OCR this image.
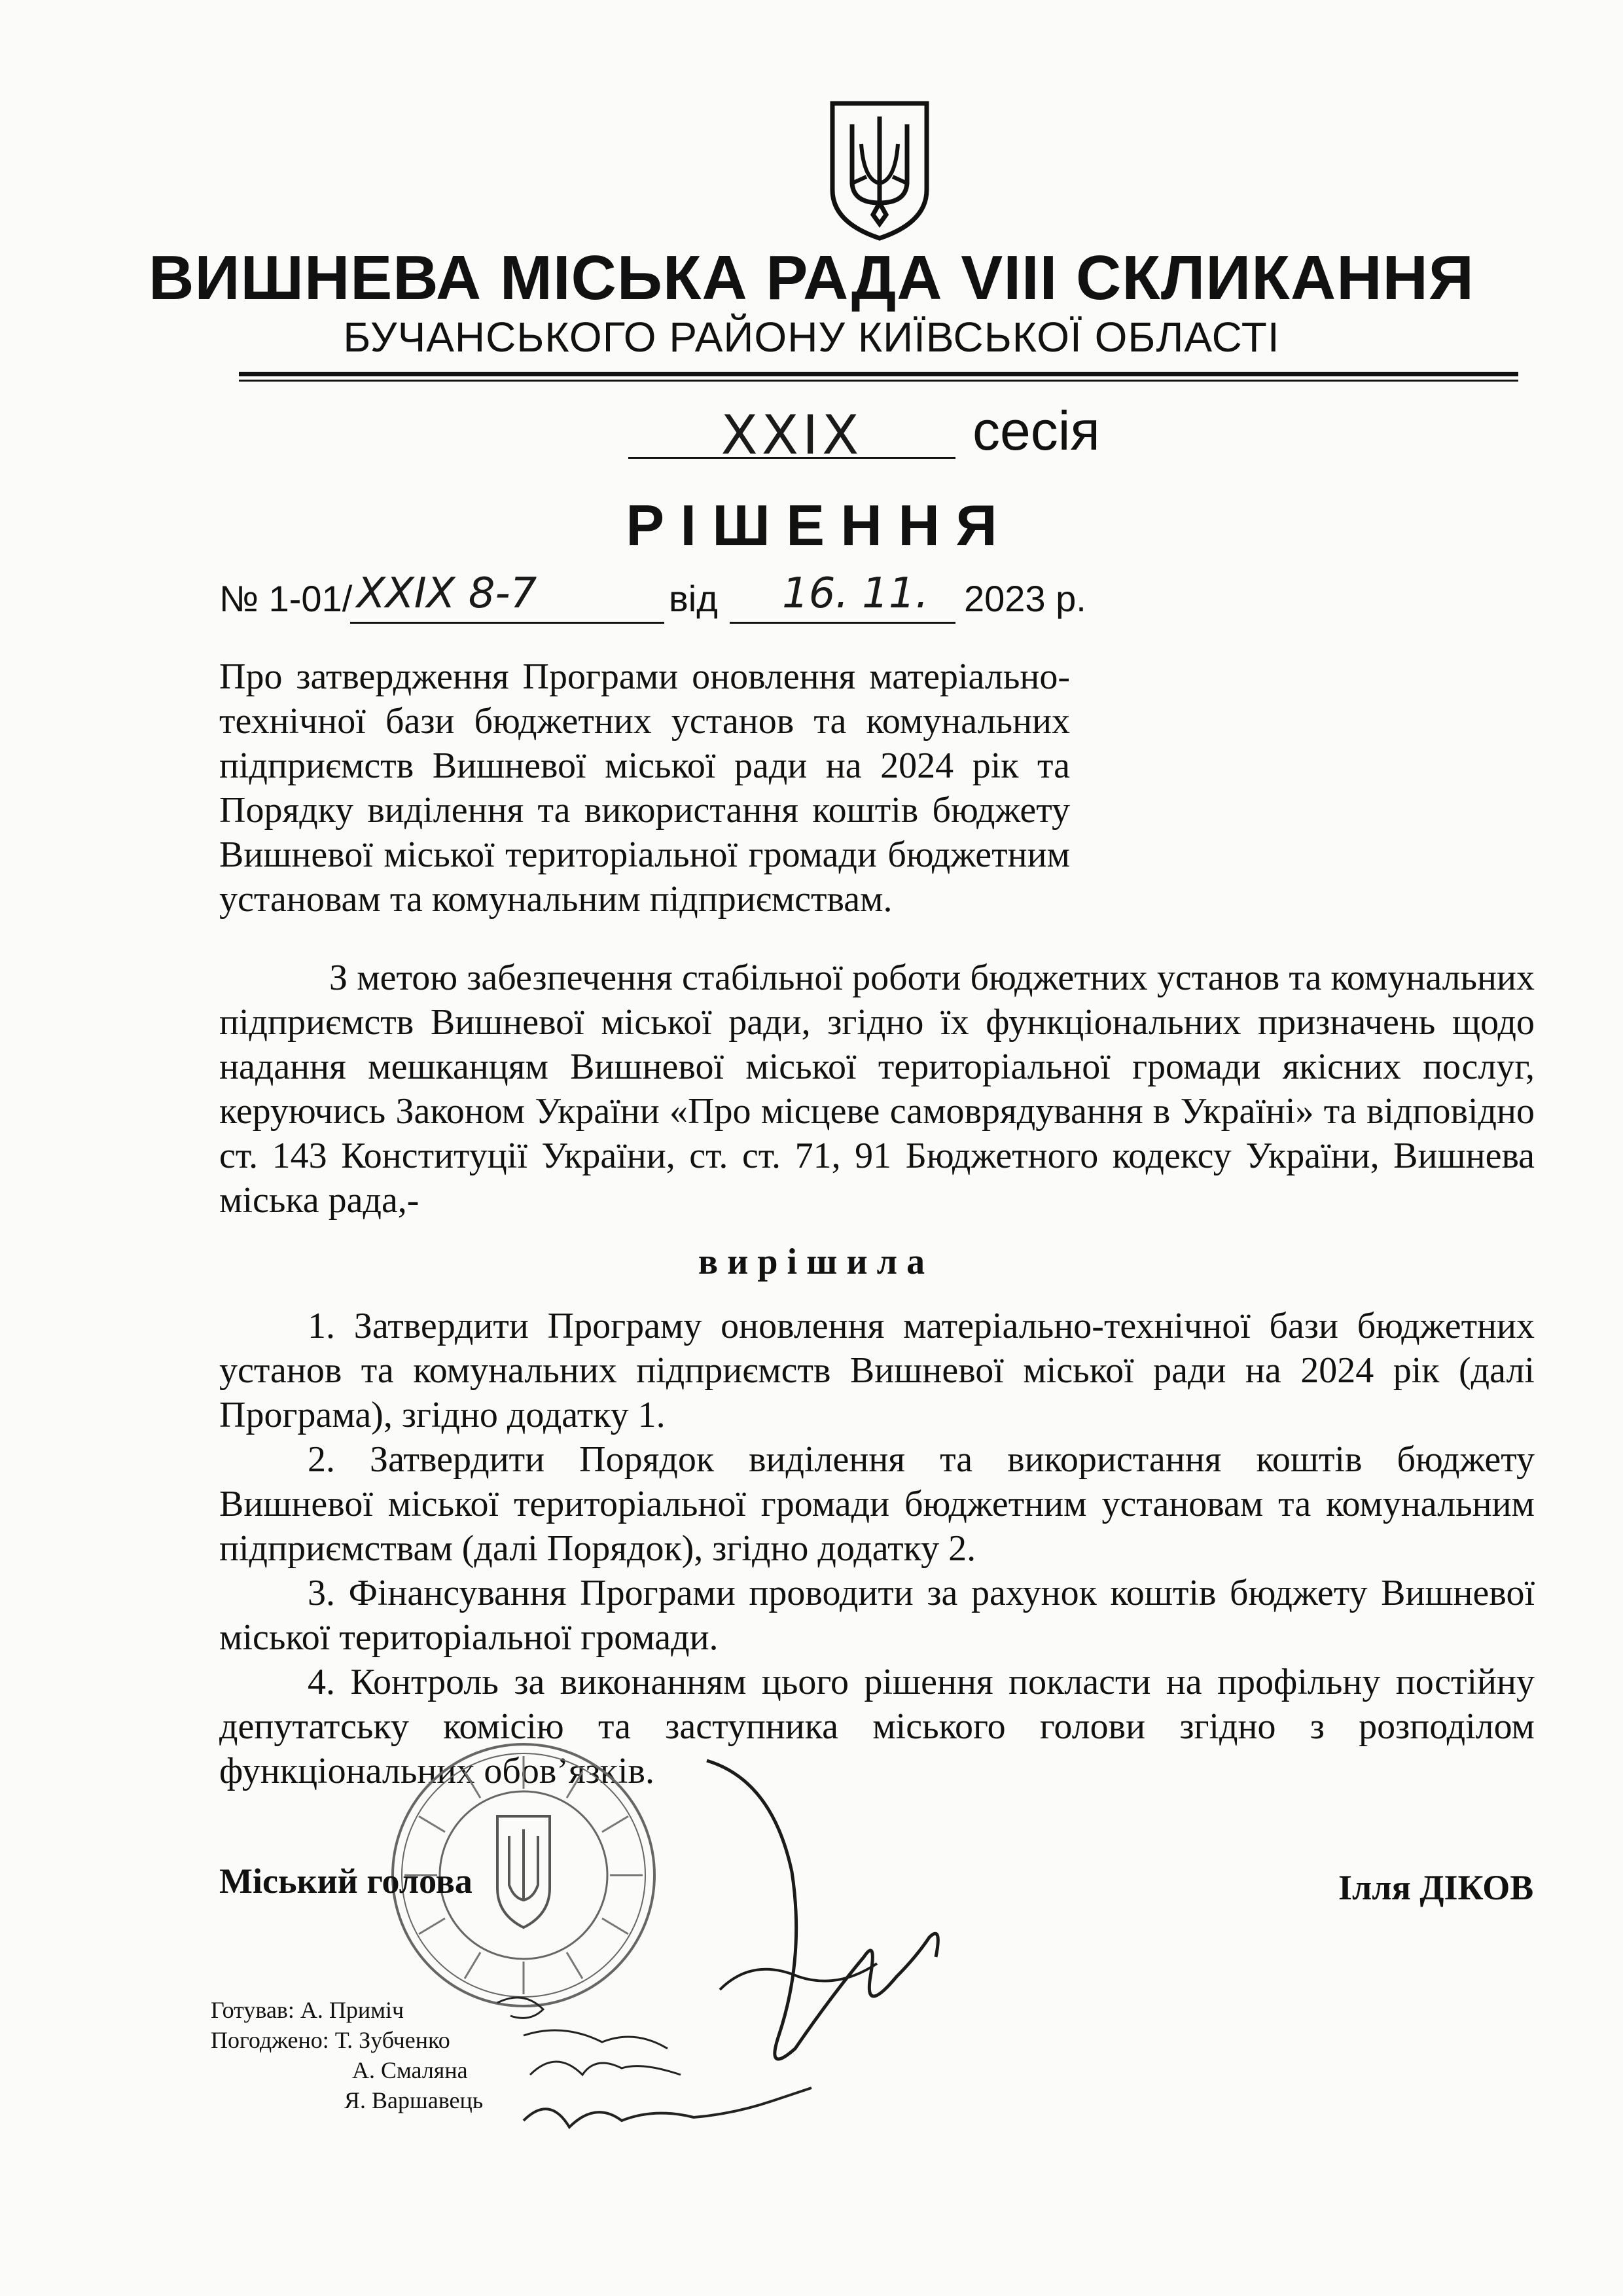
ВИШНЕВА МІСЬКА РАДА VIII СКЛИКАННЯ
БУЧАНСЬКОГО РАЙОНУ КИЇВСЬКОЇ ОБЛАСТІ
XXIX	сесія
Р І Ш Е Н Н Я
№ 1-01/ XXIX 8-7	від 16. 11. 2023 р.
Про затвердження Програми оновлення матеріально-
технічної бази бюджетних установ та комунальних
підприємств Вишневої міської ради на 2024 рік та
Порядку виділення та використання коштів бюджету
Вишневої міської територіальної громади бюджетним
установам та комунальним підприємствам.
З метою забезпечення стабільної роботи бюджетних установ та комунальних
підприємств Вишневої міської ради, згідно їх функціональних призначень щодо
надання мешканцям Вишневої міської територіальної громади якісних послуг,
керуючись Законом України «Про місцеве самоврядування в Україні» та відповідно
ст. 143 Конституції України, ст. ст. 71, 91 Бюджетного кодексу України, Вишнева
міська рада,-
в и р і ш и л а
1. Затвердити Програму оновлення матеріально-технічної бази бюджетних
установ та комунальних підприємств Вишневої міської ради на 2024 рік (далі
Програма), згідно додатку 1.
2. Затвердити Порядок виділення та використання коштів бюджету
Вишневої міської територіальної громади бюджетним установам та комунальним
підприємствам (далі Порядок), згідно додатку 2.
3. Фінансування Програми проводити за рахунок коштів бюджету Вишневої
міської територіальної громади.
4. Контроль за виконанням цього рішення покласти на профільну постійну
депутатську комісію та заступника міського голови згідно з розподілом
функціональних обов’язків.
Міський голова	Ілля ДІКОВ
Готував: А. Приміч
Погоджено: Т. Зубченко
А. Смаляна
Я. Варшавець
